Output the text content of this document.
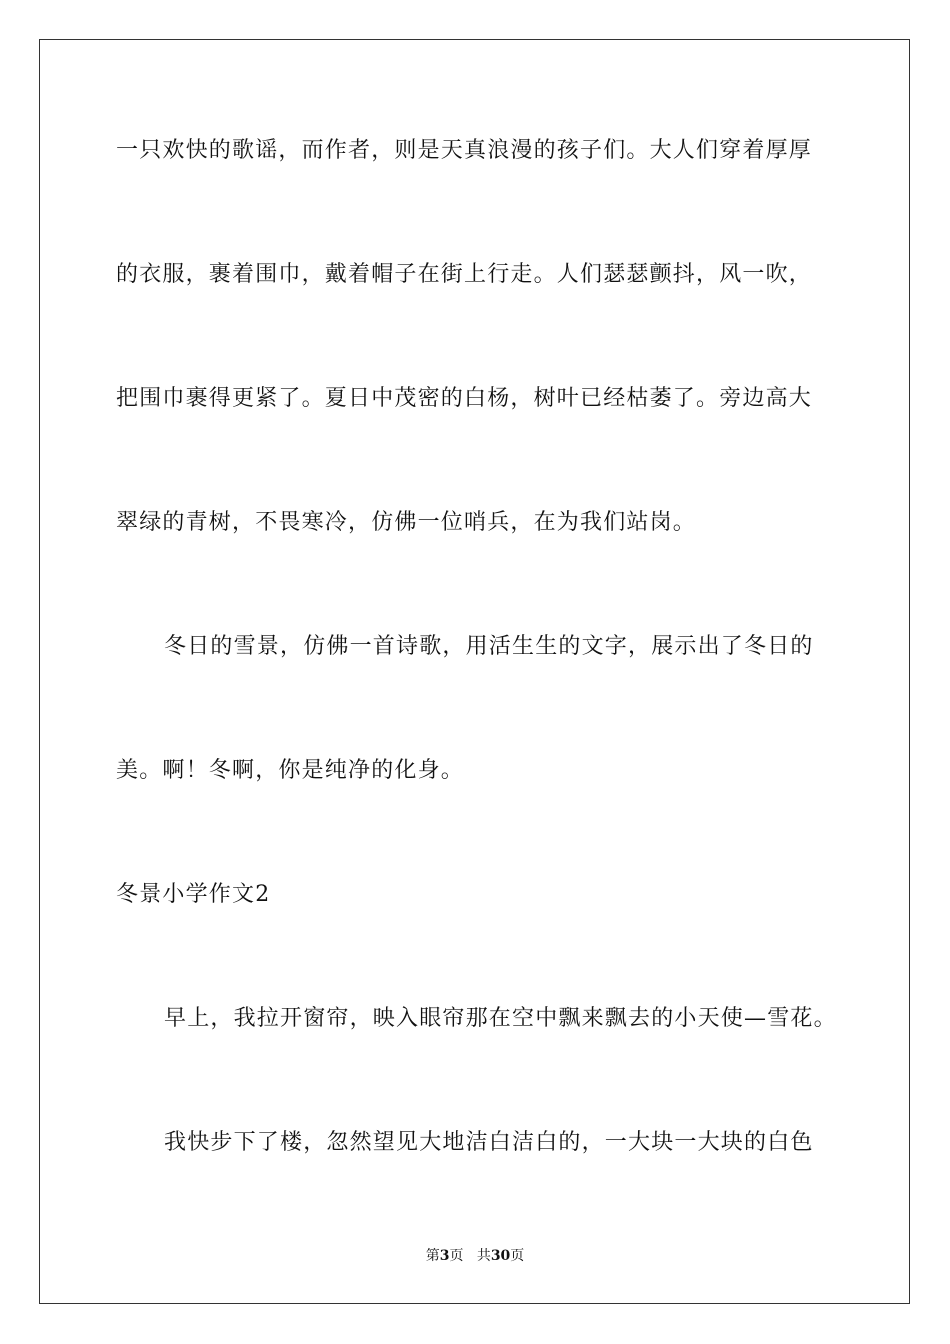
一只欢快的歌谣，而作者，则是天真浪漫的孩子们。大人们穿着厚厚
的衣服，裹着围巾，戴着帽子在街上行走。人们瑟瑟颤抖，风一吹，
把围巾裹得更紧了。夏日中茂密的白杨，树叶已经枯萎了。旁边高大
翠绿的青树，不畏寒冷，仿佛一位哨兵，在为我们站岗。
冬日的雪景，仿佛一首诗歌，用活生生的文字，展示出了冬日的
美。啊！冬啊，你是纯净的化身。
冬景小学作文2
早上，我拉开窗帘，映入眼帘那在空中飘来飘去的小天使—雪花。
我快步下了楼，忽然望见大地洁白洁白的，一大块一大块的白色
第3页 共30页
